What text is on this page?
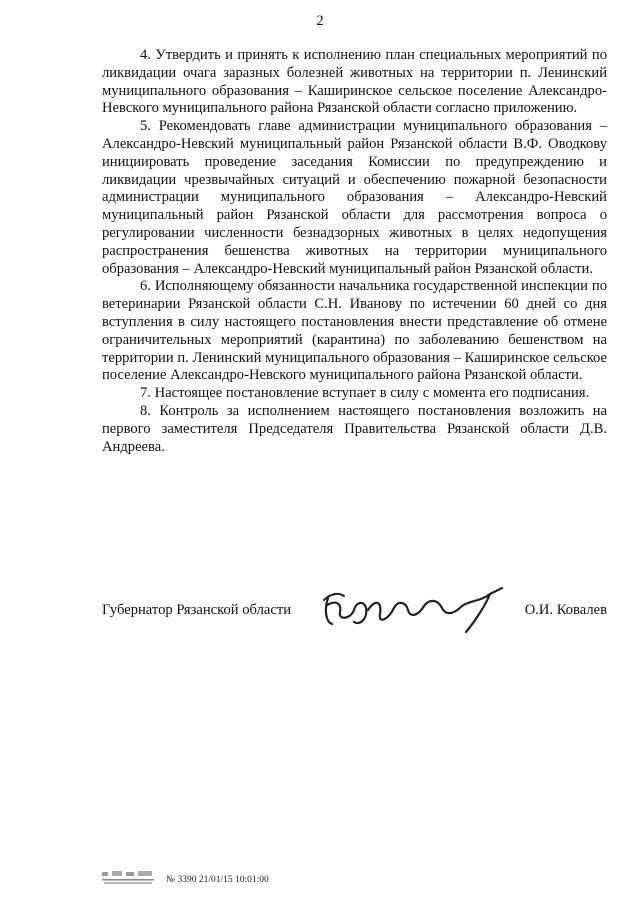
2

4. Утвердить и принять к исполнению план специальных мероприятий по ликвидации очага заразных болезней животных на территории п. Ленинский муниципального образования – Каширинское сельское поселение Александро-Невского муниципального района Рязанской области согласно приложению.

5. Рекомендовать главе администрации муниципального образования – Александро-Невский муниципальный район Рязанской области В.Ф. Оводкову инициировать проведение заседания Комиссии по предупреждению и ликвидации чрезвычайных ситуаций и обеспечению пожарной безопасности администрации муниципального образования – Александро-Невский муниципальный район Рязанской области для рассмотрения вопроса о регулировании численности безнадзорных животных в целях недопущения распространения бешенства животных на территории муниципального образования – Александро-Невский муниципальный район Рязанской области.

6. Исполняющему обязанности начальника государственной инспекции по ветеринарии Рязанской области С.Н. Иванову по истечении 60 дней со дня вступления в силу настоящего постановления внести представление об отмене ограничительных мероприятий (карантина) по заболеванию бешенством на территории п. Ленинский муниципального образования – Каширинское сельское поселение Александро-Невского муниципального района Рязанской области.

7. Настоящее постановление вступает в силу с момента его подписания.

8. Контроль за исполнением настоящего постановления возложить на первого заместителя Председателя Правительства Рязанской области Д.В. Андреева.

Губернатор Рязанской области	О.И. Ковалев
№ 3390 21/01/15 10:01:00
